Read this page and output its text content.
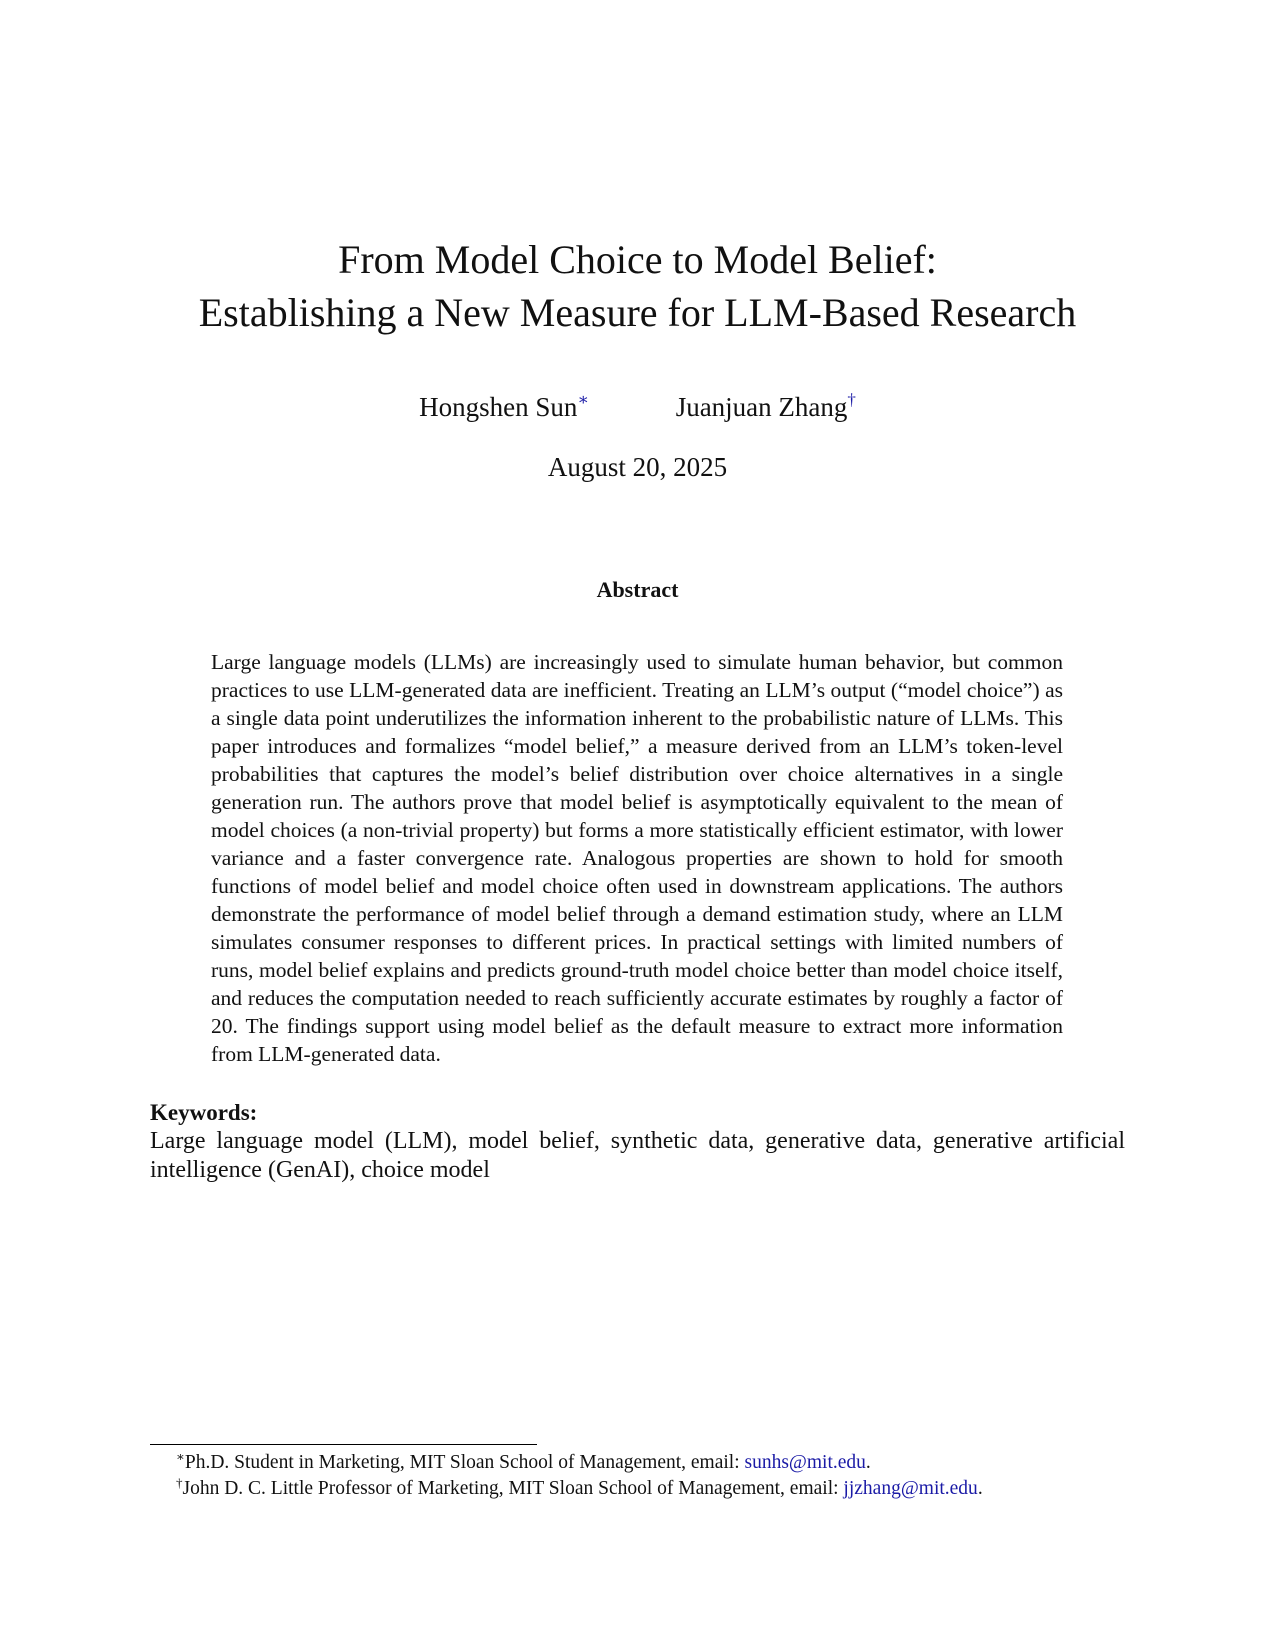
From Model Choice to Model Belief:
Establishing a New Measure for LLM-Based Research
Hongshen Sun∗	Juanjuan Zhang†
August 20, 2025
Abstract

Large language models (LLMs) are increasingly used to simulate human behavior, but common practices to use LLM-generated data are inefficient. Treating an LLM’s output (“model choice”) as a single data point underutilizes the information inherent to the probabilistic nature of LLMs. This paper introduces and formalizes “model belief,” a measure derived from an LLM’s token-level probabilities that captures the model’s belief distribution over choice alternatives in a single generation run. The authors prove that model belief is asymptotically equivalent to the mean of model choices (a non-trivial property) but forms a more statistically efficient estimator, with lower variance and a faster convergence rate. Analogous properties are shown to hold for smooth functions of model belief and model choice often used in downstream applications. The authors demonstrate the performance of model belief through a demand estimation study, where an LLM simulates consumer responses to different prices. In practical settings with limited numbers of runs, model belief explains and predicts ground-truth model choice better than model choice itself, and reduces the computation needed to reach sufficiently accurate estimates by roughly a factor of 20. The findings support using model belief as the default measure to extract more information from LLM-generated data.

Keywords:

Large language model (LLM), model belief, synthetic data, generative data, generative artificial intelligence (GenAI), choice model

∗Ph.D. Student in Marketing, MIT Sloan School of Management, email: sunhs@mit.edu.
†John D. C. Little Professor of Marketing, MIT Sloan School of Management, email: jjzhang@mit.edu.
